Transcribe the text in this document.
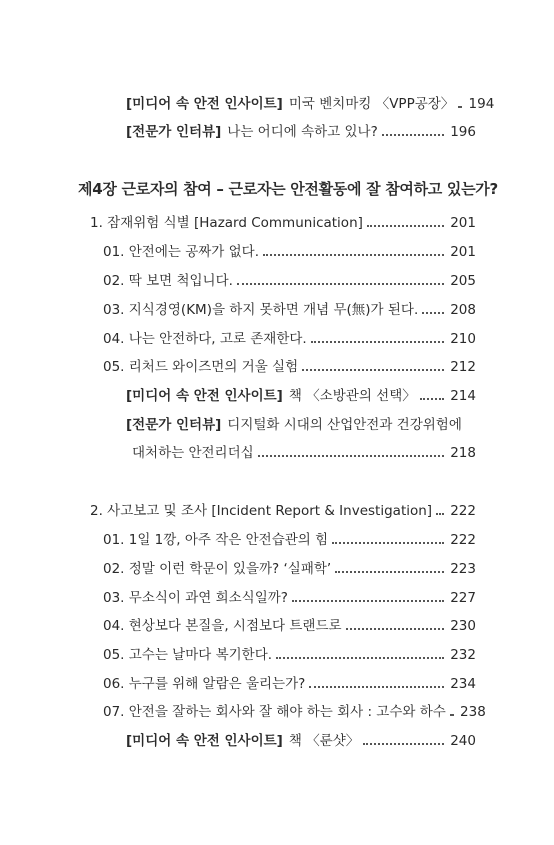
[미디어 속 안전 인사이트] 미국 벤치마킹 〈VPP공장〉 194
[전문가 인터뷰] 나는 어디에 속하고 있나?	196
제4장 근로자의 참여 – 근로자는 안전활동에 잘 참여하고 있는가?
1. 잠재위험 식별 [Hazard Communication]	201
01. 안전에는 공짜가 없다.	201
02. 딱 보면 척입니다.	205
03. 지식경영(KM)을 하지 못하면 개념 무(無)가 된다. 208
04. 나는 안전하다, 고로 존재한다.	210
05. 리처드 와이즈먼의 거울 실험	212
[미디어 속 안전 인사이트] 책 〈소방관의 선택〉	214
[전문가 인터뷰] 디지털화 시대의 산업안전과 건강위험에
대처하는 안전리더십	218
2. 사고보고 및 조사 [Incident Report & Investigation] 222
01. 1일 1깡, 아주 작은 안전습관의 힘	222
02. 정말 이런 학문이 있을까? ‘실패학’	223
03. 무소식이 과연 희소식일까?	227
04. 현상보다 본질을, 시점보다 트랜드로	230
05. 고수는 날마다 복기한다.	232
06. 누구를 위해 알람은 울리는가?	234
07. 안전을 잘하는 회사와 잘 해야 하는 회사 : 고수와 하수 238
[미디어 속 안전 인사이트] 책 〈룬샷〉	240
